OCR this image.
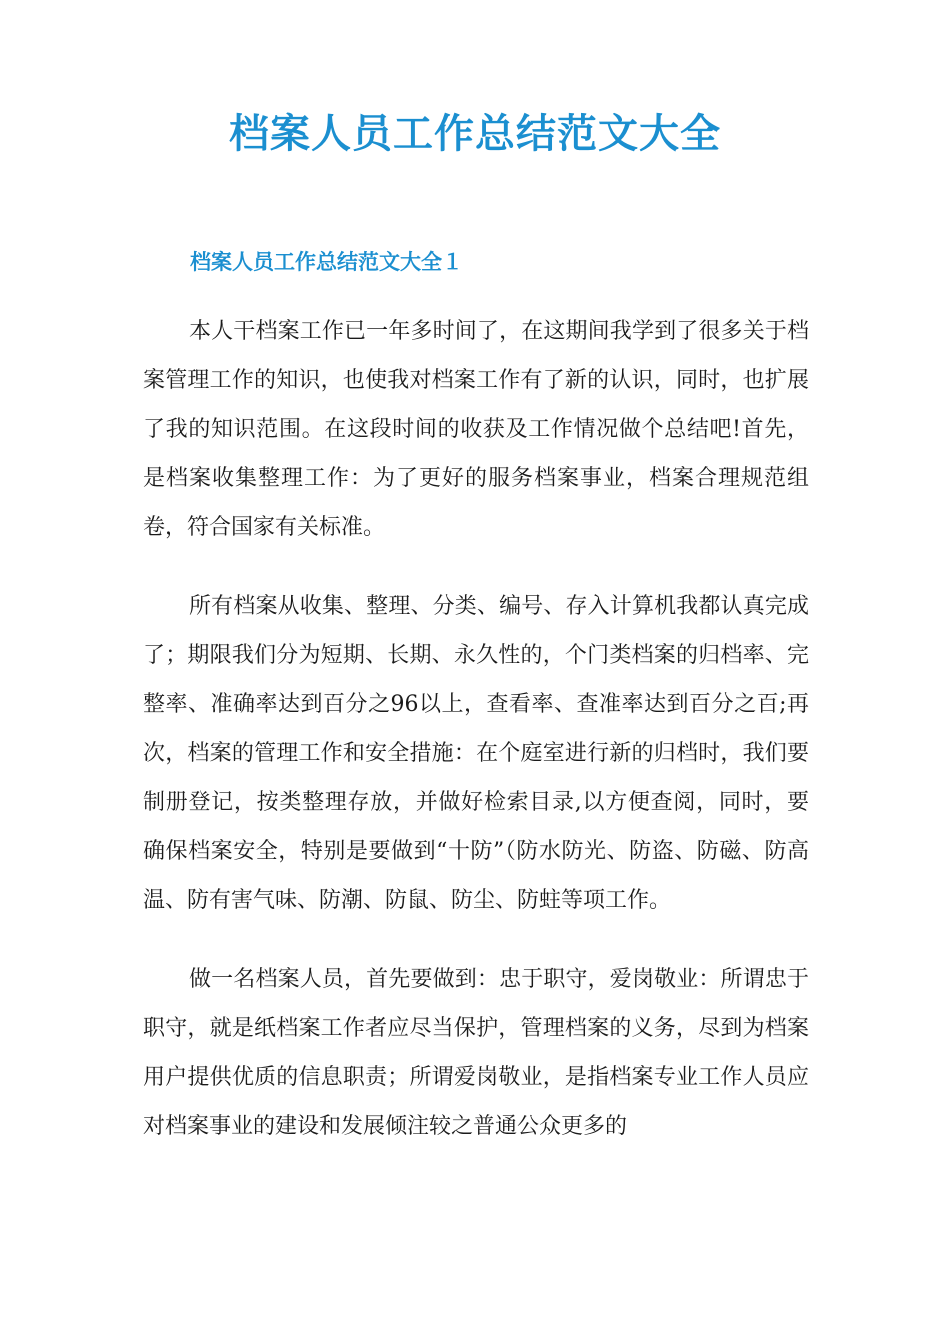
档案人员工作总结范文大全
档案人员工作总结范文大全１

本人干档案工作已一年多时间了，在这期间我学到了很多关于档案管理工作的知识，也使我对档案工作有了新的认识，同时，也扩展了我的知识范围。在这段时间的收获及工作情况做个总结吧!首先，是档案收集整理工作：为了更好的服务档案事业，档案合理规范组卷，符合国家有关标准。

所有档案从收集、整理、分类、编号、存入计算机我都认真完成了；期限我们分为短期、长期、永久性的，个门类档案的归档率、完整率、准确率达到百分之96以上，查看率、查准率达到百分之百;再次，档案的管理工作和安全措施：在个庭室进行新的归档时，我们要制册登记，按类整理存放，并做好检索目录,以方便查阅，同时，要确保档案安全，特别是要做到“十防”（防水防光、防盗、防磁、防高温、防有害气味、防潮、防鼠、防尘、防蛀等项工作。

做一名档案人员，首先要做到：忠于职守，爱岗敬业：所谓忠于职守，就是纸档案工作者应尽当保护，管理档案的义务，尽到为档案用户提供优质的信息职责；所谓爱岗敬业，是指档案专业工作人员应对档案事业的建设和发展倾注较之普通公众更多的
